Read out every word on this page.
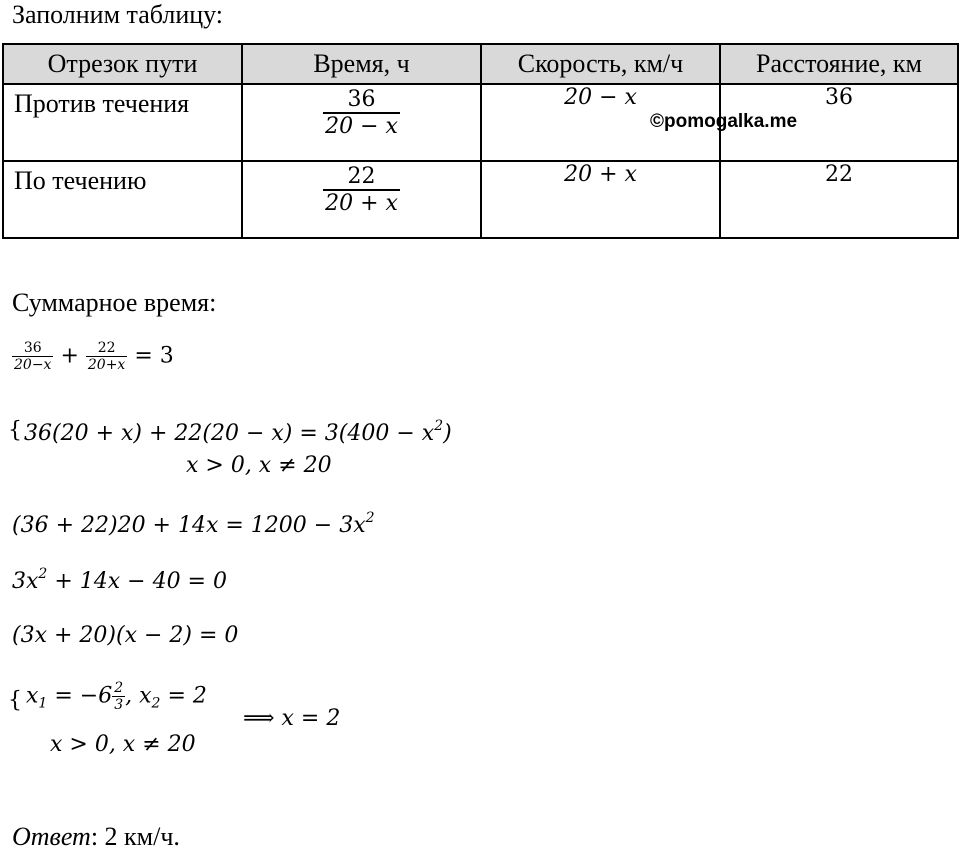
Заполним таблицу:
Отрезок пути	Время, ч	Скорость, км/ч	Расстояние, км

Против течения	$\frac{36}{20 - x}$	20 − x	36

По течению	$\frac{22}{20 + x}$	20 + x	22
©pomogalka.me
Суммарное время:
$\frac{36}{20-x} + \frac{22}{20+x} = 3$
{ $36(20 + x) + 22(20 - x) = 3(400 - x^2)$
x > 0, x ≠ 20
$(36 + 22)20 + 14x = 1200 - 3x^2$
$3x^2 + 14x - 40 = 0$
(3x + 20)(x − 2) = 0
{ $x_1 = -6 \frac{2}{3}$ , $x_2 = 2$
x > 0, x ≠ 20
⟹ x = 2
Ответ: 2 км/ч.
